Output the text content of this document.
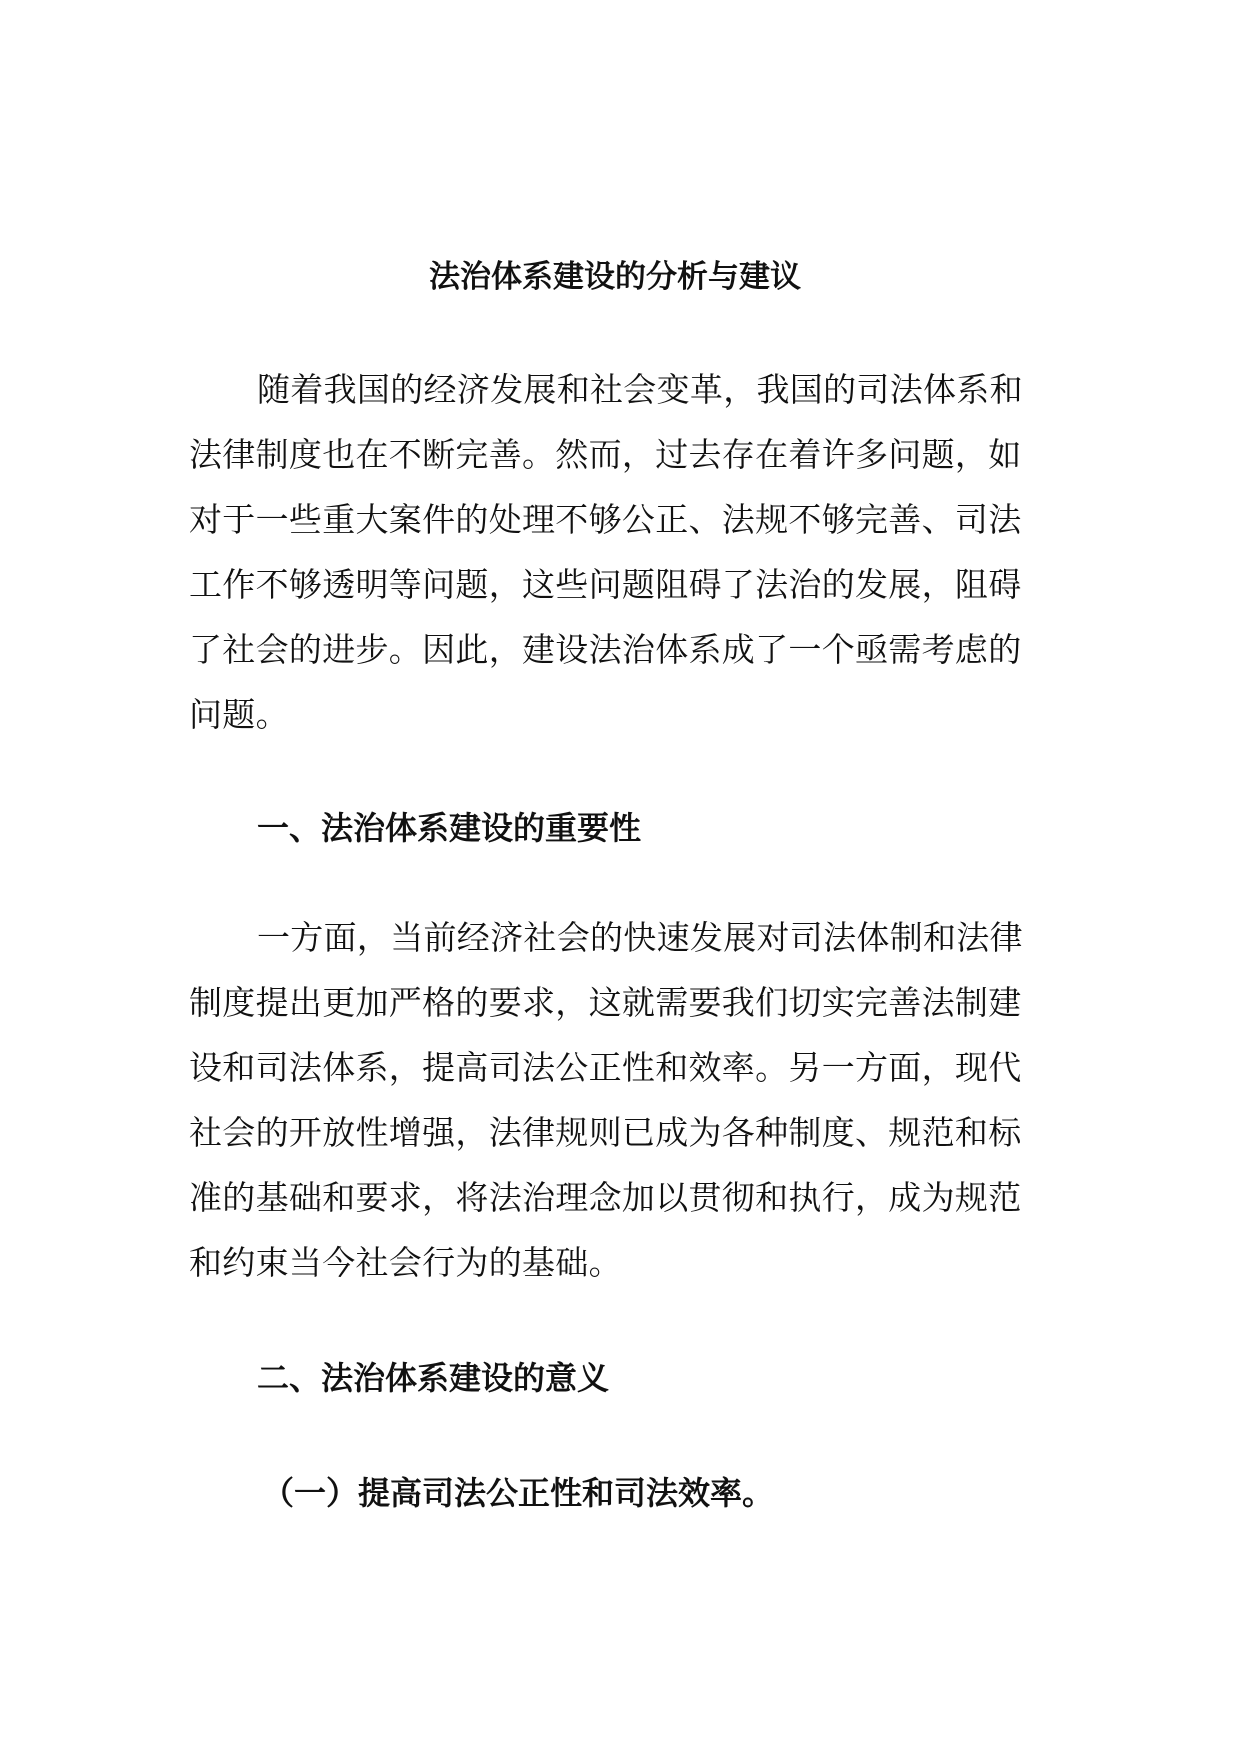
法治体系建设的分析与建议
随着我国的经济发展和社会变革，我国的司法体系和
法律制度也在不断完善。然而，过去存在着许多问题，如
对于一些重大案件的处理不够公正、法规不够完善、司法
工作不够透明等问题，这些问题阻碍了法治的发展，阻碍
了社会的进步。因此，建设法治体系成了一个亟需考虑的
问题。
一、法治体系建设的重要性
一方面，当前经济社会的快速发展对司法体制和法律
制度提出更加严格的要求，这就需要我们切实完善法制建
设和司法体系，提高司法公正性和效率。另一方面，现代
社会的开放性增强，法律规则已成为各种制度、规范和标
准的基础和要求，将法治理念加以贯彻和执行，成为规范
和约束当今社会行为的基础。
二、法治体系建设的意义
（一）提高司法公正性和司法效率。
